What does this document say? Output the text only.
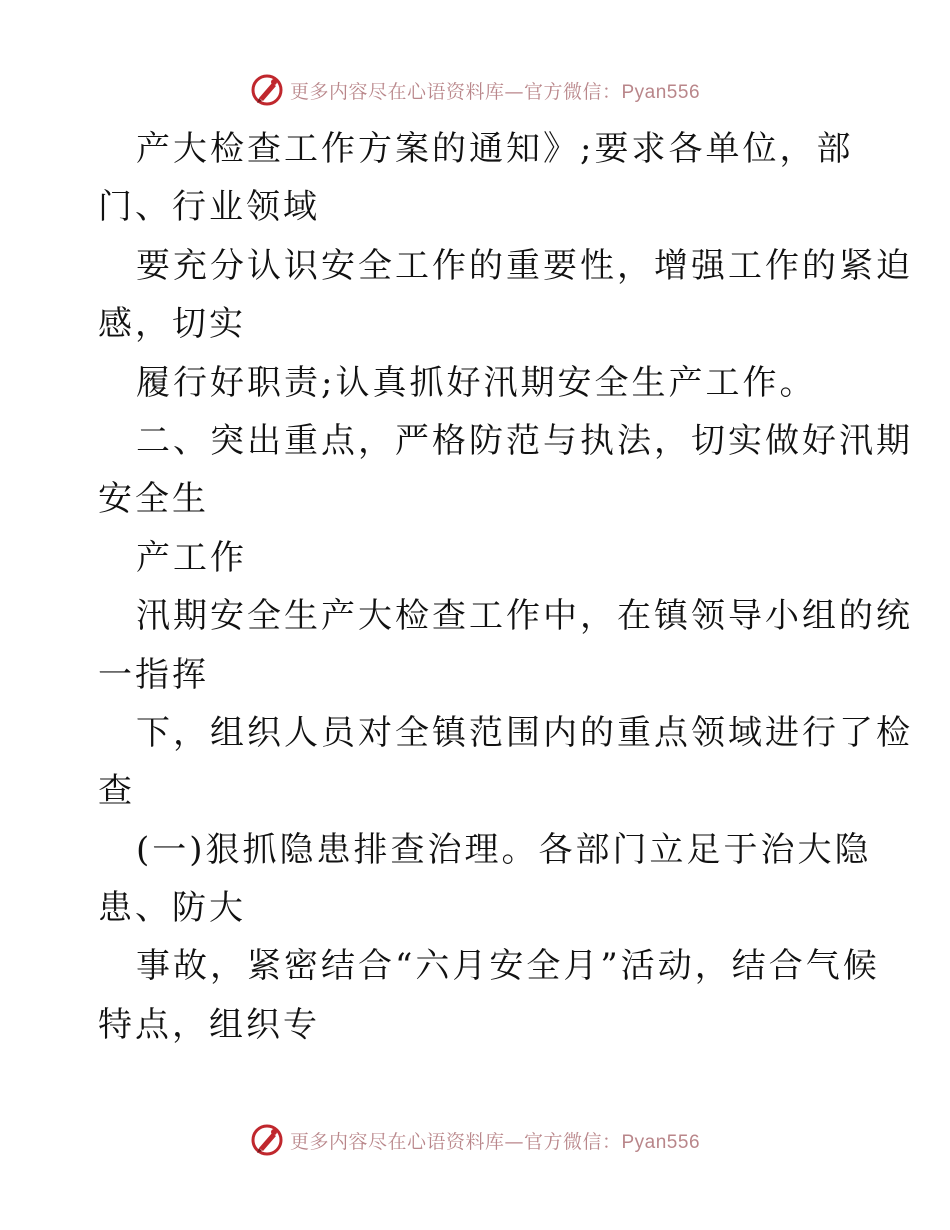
更多内容尽在心语资料库—官方微信：Pyan556
产大检查工作方案的通知》;要求各单位，部
门、行业领域
要充分认识安全工作的重要性，增强工作的紧迫
感，切实
履行好职责;认真抓好汛期安全生产工作。
二、突出重点，严格防范与执法，切实做好汛期
安全生
产工作
汛期安全生产大检查工作中，在镇领导小组的统
一指挥
下，组织人员对全镇范围内的重点领域进行了检
查
(一)狠抓隐患排查治理。各部门立足于治大隐
患、防大
事故，紧密结合“六月安全月”活动，结合气候
特点，组织专
更多内容尽在心语资料库—官方微信：Pyan556
